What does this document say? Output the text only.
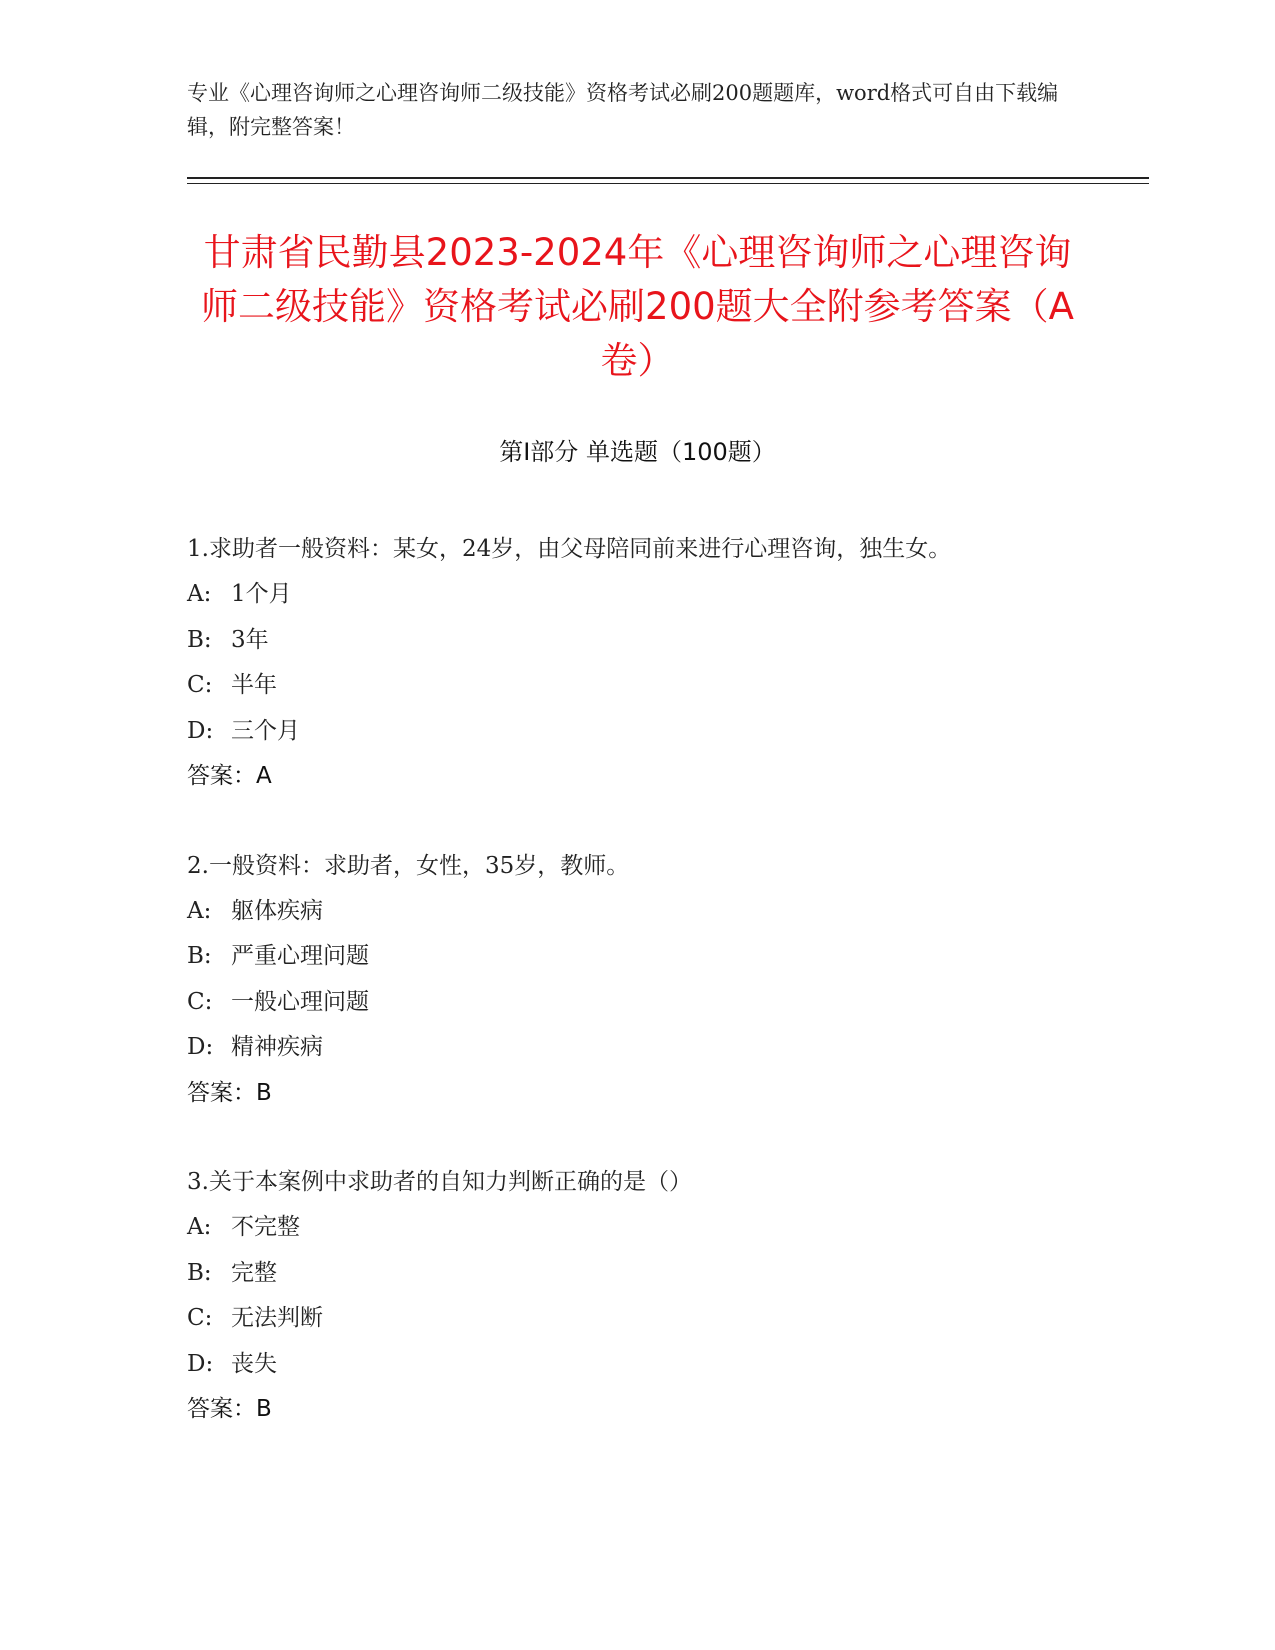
专业《心理咨询师之心理咨询师二级技能》资格考试必刷200题题库，word格式可自由下载编辑，附完整答案！
甘肃省民勤县2023-2024年《心理咨询师之心理咨询师二级技能》资格考试必刷200题大全附参考答案（A卷）
第I部分 单选题（100题）
1.求助者一般资料：某女，24岁，由父母陪同前来进行心理咨询，独生女。
A: 1个月
B: 3年
C: 半年
D: 三个月
答案：A
2.一般资料：求助者，女性，35岁，教师。
A: 躯体疾病
B: 严重心理问题
C: 一般心理问题
D: 精神疾病
答案：B
3.关于本案例中求助者的自知力判断正确的是（）
A: 不完整
B: 完整
C: 无法判断
D: 丧失
答案：B
